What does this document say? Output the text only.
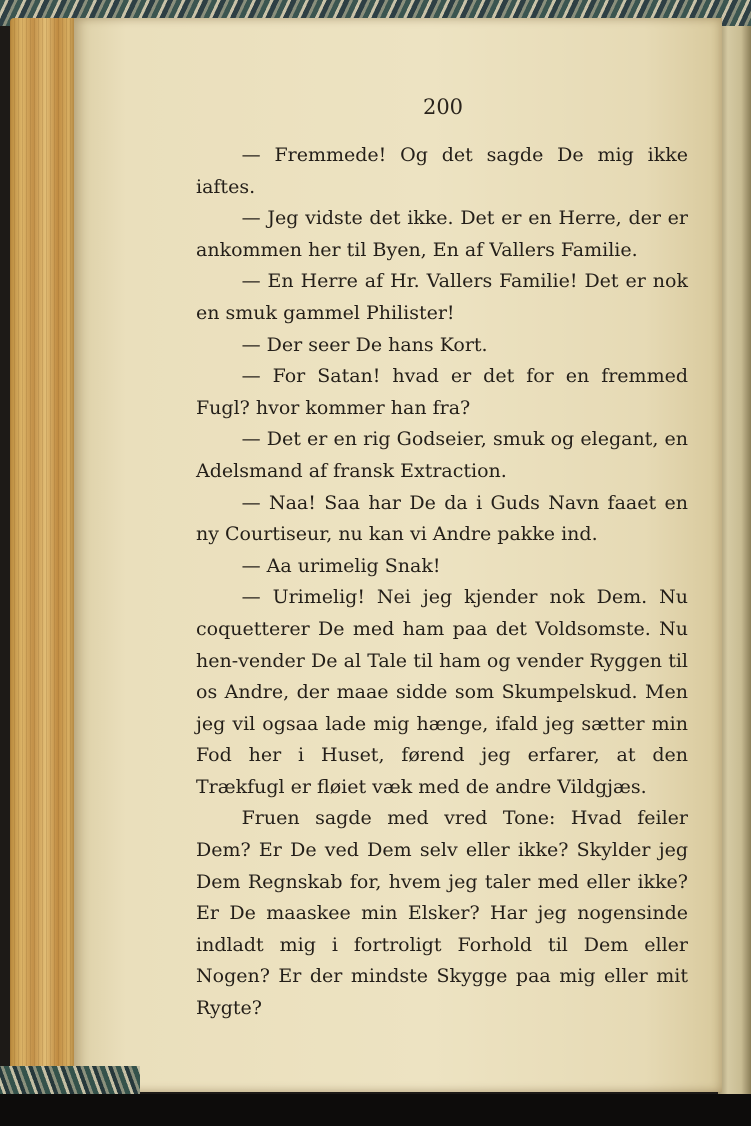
200

— Fremmede! Og det sagde De mig ikke iaftes.

— Jeg vidste det ikke. Det er en Herre, der er ankommen her til Byen, En af Vallers Familie.

— En Herre af Hr. Vallers Familie! Det er nok en smuk gammel Philister!

— Der seer De hans Kort.

— For Satan! hvad er det for en fremmed Fugl? hvor kommer han fra?

— Det er en rig Godseier, smuk og elegant, en Adelsmand af fransk Extraction.

— Naa! Saa har De da i Guds Navn faaet en ny Courtiseur, nu kan vi Andre pakke ind.

— Aa urimelig Snak!

— Urimelig! Nei jeg kjender nok Dem. Nu coquetterer De med ham paa det Voldsomste. Nu hen-vender De al Tale til ham og vender Ryggen til os Andre, der maae sidde som Skumpelskud. Men jeg vil ogsaa lade mig hænge, ifald jeg sætter min Fod her i Huset, førend jeg erfarer, at den Trækfugl er fløiet væk med de andre Vildgjæs.

Fruen sagde med vred Tone: Hvad feiler Dem? Er De ved Dem selv eller ikke? Skylder jeg Dem Regnskab for, hvem jeg taler med eller ikke? Er De maaskee min Elsker? Har jeg nogensinde indladt mig i fortroligt Forhold til Dem eller Nogen? Er der mindste Skygge paa mig eller mit Rygte?
